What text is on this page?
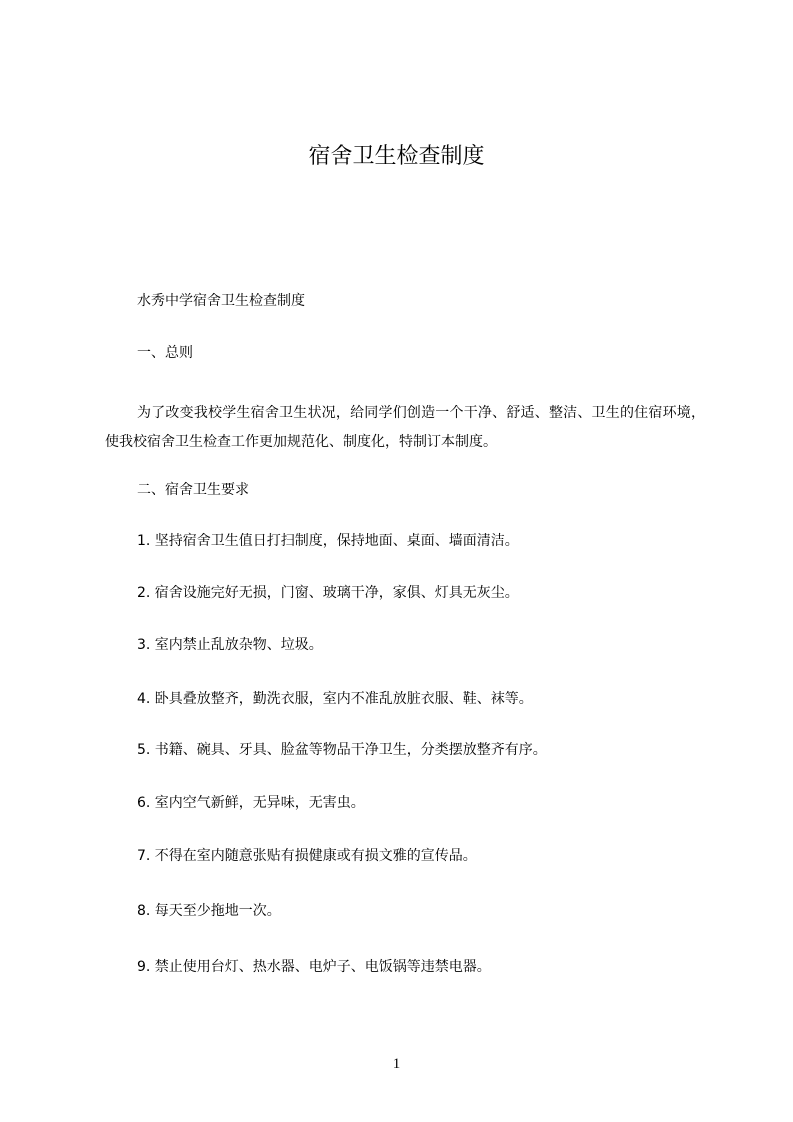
宿舍卫生检查制度
水秀中学宿舍卫生检查制度
一、总则
为了改变我校学生宿舍卫生状况，给同学们创造一个干净、舒适、整洁、卫生的住宿环境，使我校宿舍卫生检查工作更加规范化、制度化，特制订本制度。
二、宿舍卫生要求
1. 坚持宿舍卫生值日打扫制度，保持地面、桌面、墙面清洁。
2. 宿舍设施完好无损，门窗、玻璃干净，家俱、灯具无灰尘。
3. 室内禁止乱放杂物、垃圾。
4. 卧具叠放整齐，勤洗衣服，室内不准乱放脏衣服、鞋、袜等。
5. 书籍、碗具、牙具、脸盆等物品干净卫生，分类摆放整齐有序。
6. 室内空气新鲜，无异味，无害虫。
7. 不得在室内随意张贴有损健康或有损文雅的宣传品。
8. 每天至少拖地一次。
9. 禁止使用台灯、热水器、电炉子、电饭锅等违禁电器。
1
